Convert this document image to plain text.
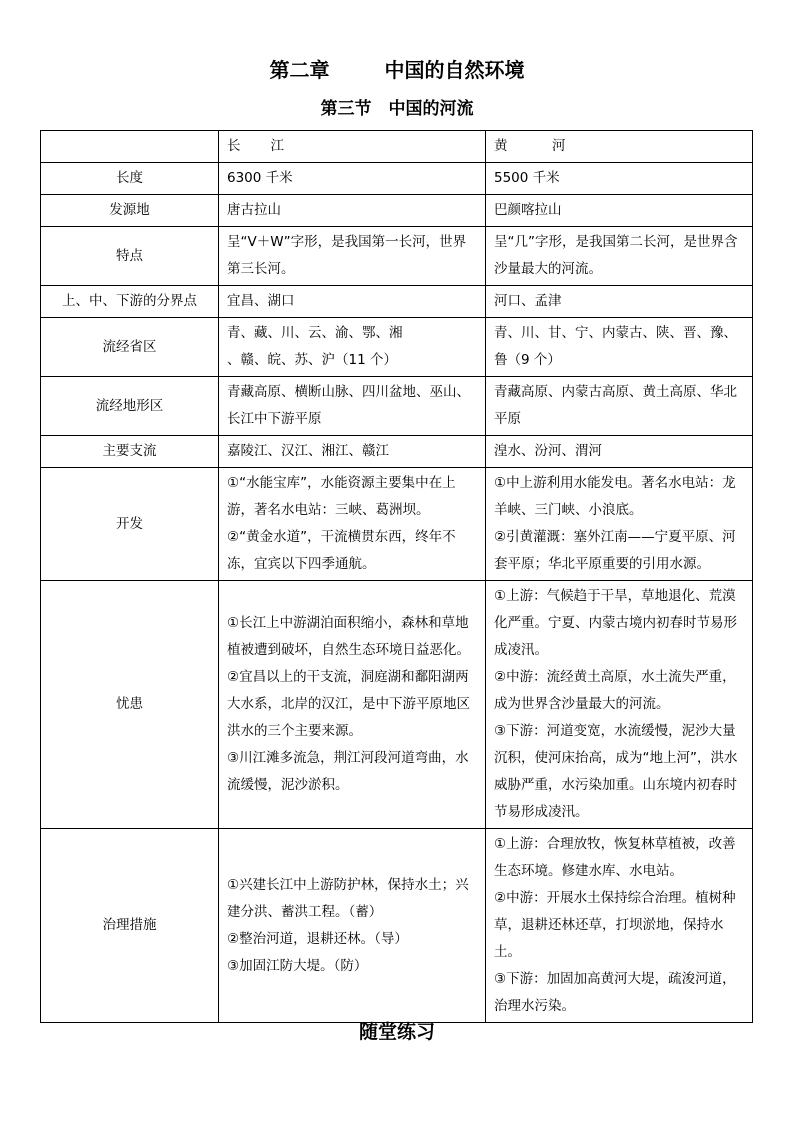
第二章　 中国的自然环境
第三节　中国的河流
	长　　江	黄　　　河
长度	6300 千米	5500 千米

发源地	唐古拉山	巴颜喀拉山

特点	呈“V＋W”字形，是我国第一长河，世界第三长河。	呈“几”字形，是我国第二长河，是世界含沙量最大的河流。

上、中、下游的分界点	宜昌、湖口	河口、孟津

流经省区	青、藏、川、云、渝、鄂、湘
、赣、皖、苏、沪（11 个）	青、川、甘、宁、内蒙古、陕、晋、豫、鲁（9 个）

流经地形区	青藏高原、横断山脉、四川盆地、巫山、长江中下游平原	青藏高原、内蒙古高原、黄土高原、华北平原

主要支流	嘉陵江、汉江、湘江、赣江	湟水、汾河、渭河

开发	①“水能宝库”，水能资源主要集中在上游，著名水电站：三峡、葛洲坝。
②“黄金水道”，干流横贯东西，终年不冻，宜宾以下四季通航。	①中上游利用水能发电。著名水电站：龙羊峡、三门峡、小浪底。
②引黄灌溉：塞外江南——宁夏平原、河套平原；华北平原重要的引用水源。

忧患	①长江上中游湖泊面积缩小，森林和草地植被遭到破坏，自然生态环境日益恶化。
②宜昌以上的干支流，洞庭湖和鄱阳湖两大水系，北岸的汉江，是中下游平原地区洪水的三个主要来源。
③川江滩多流急，荆江河段河道弯曲，水流缓慢，泥沙淤积。	①上游：气候趋于干旱，草地退化、荒漠化严重。宁夏、内蒙古境内初春时节易形成凌汛。
②中游：流经黄土高原，水土流失严重，成为世界含沙量最大的河流。
③下游：河道变宽，水流缓慢，泥沙大量沉积，使河床抬高，成为“地上河”，洪水威胁严重，水污染加重。山东境内初春时节易形成凌汛。

治理措施	①兴建长江中上游防护林，保持水土；兴建分洪、蓄洪工程。（蓄）
②整治河道，退耕还林。（导）
③加固江防大堤。（防）	①上游：合理放牧，恢复林草植被，改善生态环境。修建水库、水电站。
②中游：开展水土保持综合治理。植树种草，退耕还林还草，打坝淤地，保持水土。
③下游：加固加高黄河大堤，疏浚河道，治理水污染。
随堂练习
